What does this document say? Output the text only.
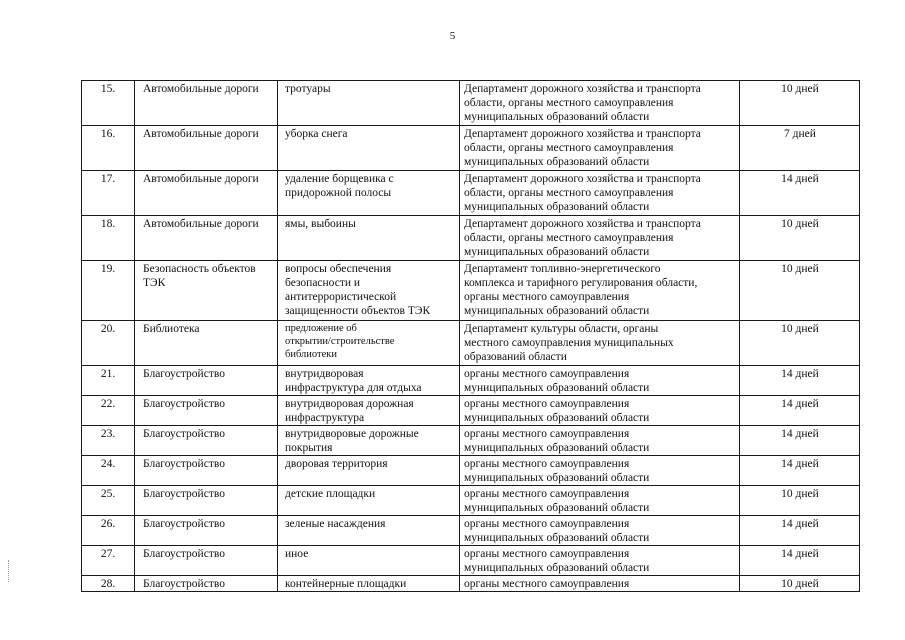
5
15.	Автомобильные дороги	тротуары	Департамент дорожного хозяйства и транспорта
области, органы местного самоуправления
муниципальных образований области	10 дней
16.	Автомобильные дороги	уборка снега	Департамент дорожного хозяйства и транспорта
области, органы местного самоуправления
муниципальных образований области	7 дней
17.	Автомобильные дороги	удаление борщевика с
придорожной полосы	Департамент дорожного хозяйства и транспорта
области, органы местного самоуправления
муниципальных образований области	14 дней
18.	Автомобильные дороги	ямы, выбоины	Департамент дорожного хозяйства и транспорта
области, органы местного самоуправления
муниципальных образований области	10 дней
19.	Безопасность объектов
ТЭК	вопросы обеспечения
безопасности и
антитеррористической
защищенности объектов ТЭК	Департамент топливно-энергетического
комплекса и тарифного регулирования области,
органы местного самоуправления
муниципальных образований области	10 дней
20.	Библиотека	предложение об
открытии/строительстве
библиотеки	Департамент культуры области, органы
местного самоуправления муниципальных
образований области	10 дней
21.	Благоустройство	внутридворовая
инфраструктура для отдыха	органы местного самоуправления
муниципальных образований области	14 дней
22.	Благоустройство	внутридворовая дорожная
инфраструктура	органы местного самоуправления
муниципальных образований области	14 дней
23.	Благоустройство	внутридворовые дорожные
покрытия	органы местного самоуправления
муниципальных образований области	14 дней
24.	Благоустройство	дворовая территория	органы местного самоуправления
муниципальных образований области	14 дней
25.	Благоустройство	детские площадки	органы местного самоуправления
муниципальных образований области	10 дней
26.	Благоустройство	зеленые насаждения	органы местного самоуправления
муниципальных образований области	14 дней
27.	Благоустройство	иное	органы местного самоуправления
муниципальных образований области	14 дней
28.	Благоустройство	контейнерные площадки	органы местного самоуправления	10 дней
